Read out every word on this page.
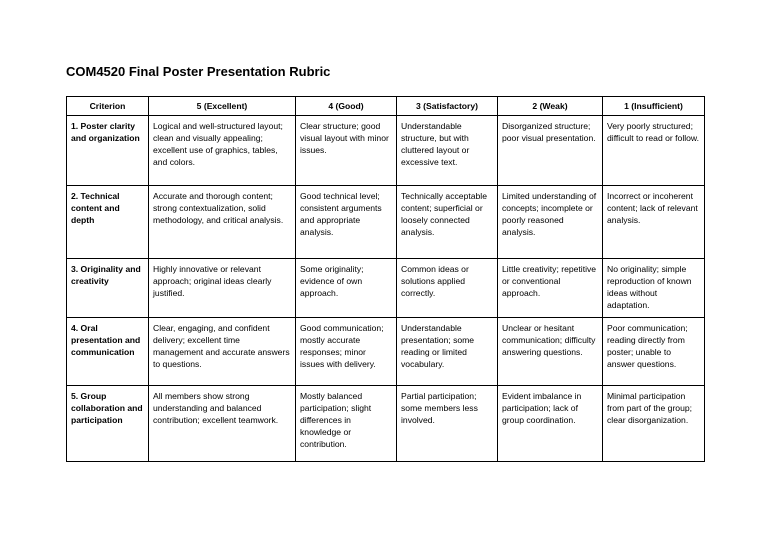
COM4520 Final Poster Presentation Rubric
Criterion	5 (Excellent)	4 (Good)	3 (Satisfactory)	2 (Weak)	1 (Insufficient)
1. Poster clarity and organization	Logical and well-structured layout; clean and visually appealing; excellent use of graphics, tables, and colors.	Clear structure; good visual layout with minor issues.	Understandable structure, but with cluttered layout or excessive text.	Disorganized structure; poor visual presentation.	Very poorly structured; difficult to read or follow.
2. Technical content and depth	Accurate and thorough content; strong contextualization, solid methodology, and critical analysis.	Good technical level; consistent arguments and appropriate analysis.	Technically acceptable content; superficial or loosely connected analysis.	Limited understanding of concepts; incomplete or poorly reasoned analysis.	Incorrect or incoherent content; lack of relevant analysis.
3. Originality and creativity	Highly innovative or relevant approach; original ideas clearly justified.	Some originality; evidence of own approach.	Common ideas or solutions applied correctly.	Little creativity; repetitive or conventional approach.	No originality; simple reproduction of known ideas without adaptation.
4. Oral presentation and communication	Clear, engaging, and confident delivery; excellent time management and accurate answers to questions.	Good communication; mostly accurate responses; minor issues with delivery.	Understandable presentation; some reading or limited vocabulary.	Unclear or hesitant communication; difficulty answering questions.	Poor communication; reading directly from poster; unable to answer questions.
5. Group collaboration and participation	All members show strong understanding and balanced contribution; excellent teamwork.	Mostly balanced participation; slight differences in knowledge or contribution.	Partial participation; some members less involved.	Evident imbalance in participation; lack of group coordination.	Minimal participation from part of the group; clear disorganization.
